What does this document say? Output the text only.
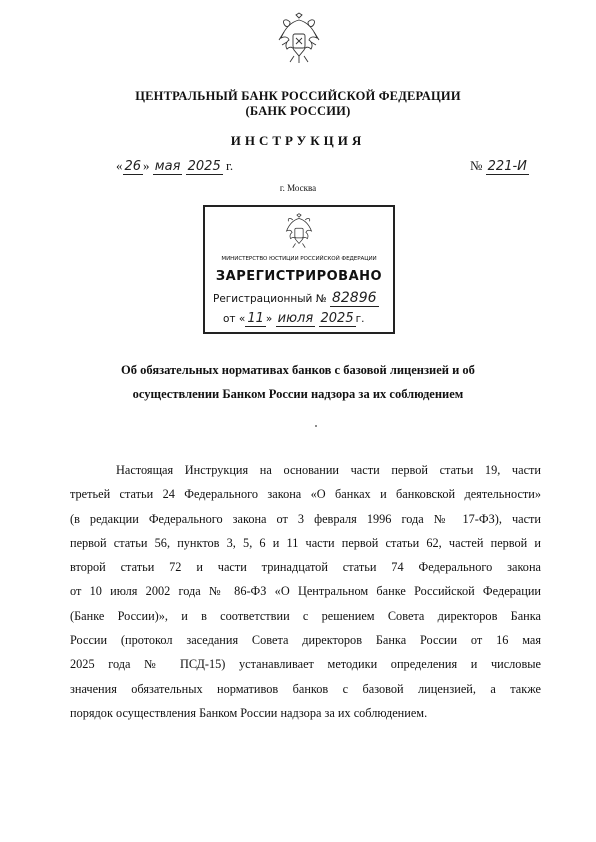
ЦЕНТРАЛЬНЫЙ БАНК РОССИЙСКОЙ ФЕДЕРАЦИИ
(БАНК РОССИИ)
ИНСТРУКЦИЯ
« 26 » мая 2025 г.	№ 221-И
г. Москва
МИНИСТЕРСТВО ЮСТИЦИИ РОССИЙСКОЙ ФЕДЕРАЦИИ
ЗАРЕГИСТРИРОВАНО
Регистрационный № 82896
от « 11 » июля 2025 г.
Об обязательных нормативах банков с базовой лицензией и об
осуществлении Банком России надзора за их соблюдением
Настоящая Инструкция на основании части первой статьи 19, части
третьей статьи 24 Федерального закона «О банках и банковской деятельности»
(в редакции Федерального закона от 3 февраля 1996 года № 17-ФЗ), части
первой статьи 56, пунктов 3, 5, 6 и 11 части первой статьи 62, частей первой и
второй статьи 72 и части тринадцатой статьи 74 Федерального закона
от 10 июля 2002 года № 86-ФЗ «О Центральном банке Российской Федерации
(Банке России)», и в соответствии с решением Совета директоров Банка
России (протокол заседания Совета директоров Банка России от 16 мая
2025 года № ПСД-15) устанавливает методики определения и числовые
значения обязательных нормативов банков с базовой лицензией, а также
порядок осуществления Банком России надзора за их соблюдением.
